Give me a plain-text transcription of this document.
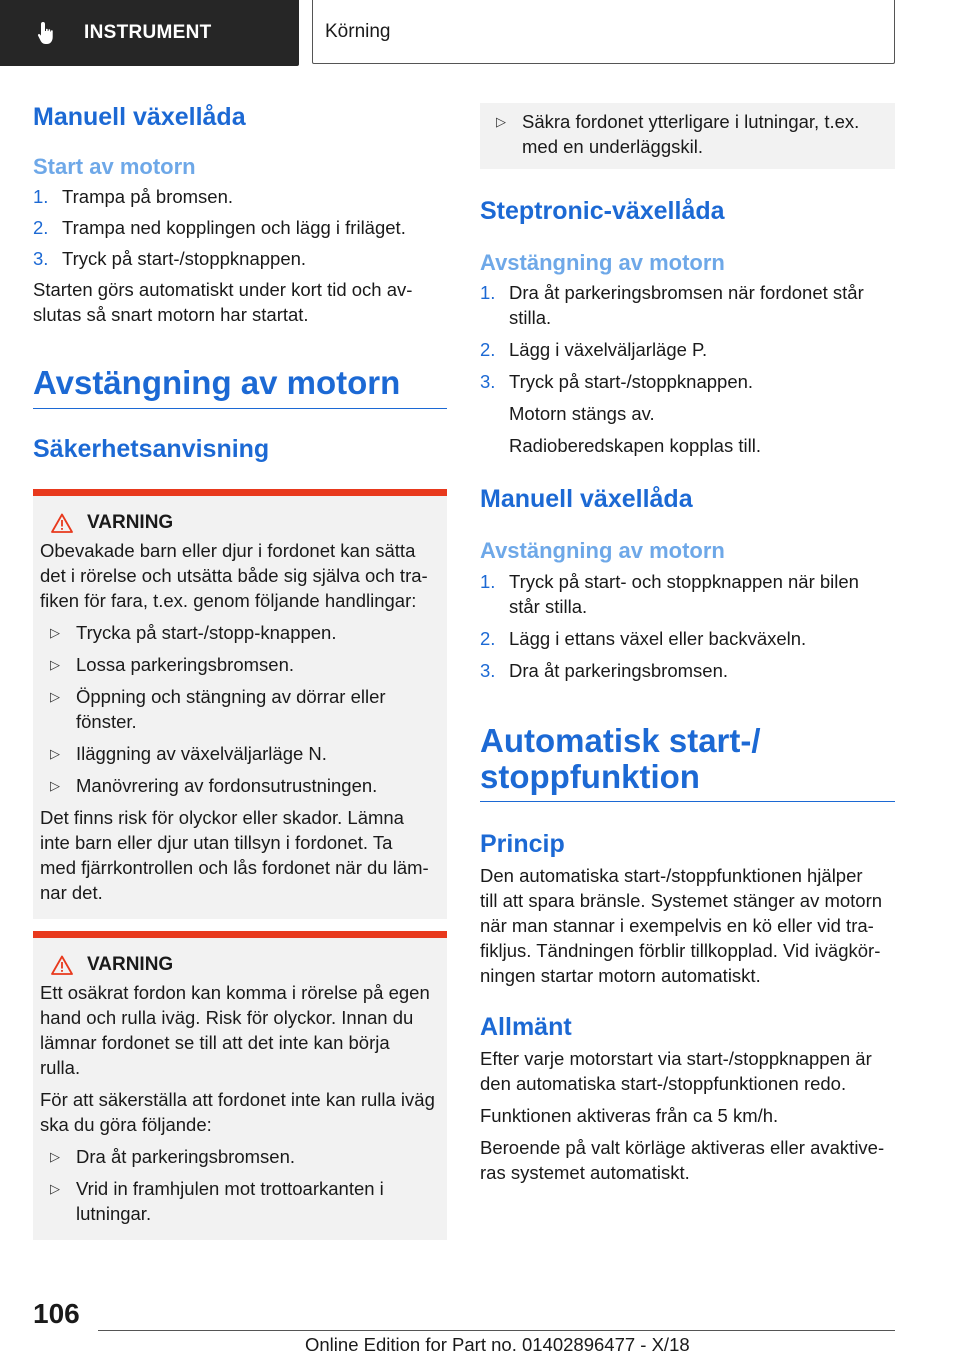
INSTRUMENT	Körning
Manuell växellåda
Start av motorn
1. Trampa på bromsen.
2. Trampa ned kopplingen och lägg i friläget.
3. Tryck på start-/stoppknappen.

Starten görs automatiskt under kort tid och av-
slutas så snart motorn har startat.

Avstängning av motorn
Säkerhetsanvisning
VARNING

Obevakade barn eller djur i fordonet kan sätta
det i rörelse och utsätta både sig själva och tra-
fiken för fara, t.ex. genom följande handlingar:

▷ Trycka på start-/stopp-knappen.
▷ Lossa parkeringsbromsen.
▷ Öppning och stängning av dörrar eller fönster.
▷ Iläggning av växelväljarläge N.
▷ Manövrering av fordonsutrustningen.

Det finns risk för olyckor eller skador. Lämna
inte barn eller djur utan tillsyn i fordonet. Ta
med fjärrkontrollen och lås fordonet när du läm-
nar det.

VARNING

Ett osäkrat fordon kan komma i rörelse på egen
hand och rulla iväg. Risk för olyckor. Innan du
lämnar fordonet se till att det inte kan börja
rulla.

För att säkerställa att fordonet inte kan rulla iväg
ska du göra följande:

▷ Dra åt parkeringsbromsen.
▷ Vrid in framhjulen mot trottoarkanten i lutningar.
▷ Säkra fordonet ytterligare i lutningar, t.ex. med en underläggskil.
Steptronic-växellåda
Avstängning av motorn
1. Dra åt parkeringsbromsen när fordonet står stilla.
2. Lägg i växelväljarläge P.
3. Tryck på start-/stoppknappen.

Motorn stängs av.

Radioberedskapen kopplas till.

Manuell växellåda
Avstängning av motorn
1. Tryck på start- och stoppknappen när bilen står stilla.
2. Lägg i ettans växel eller backväxeln.
3. Dra åt parkeringsbromsen.
Automatisk start-/
stoppfunktion
Princip

Den automatiska start-/stoppfunktionen hjälper
till att spara bränsle. Systemet stänger av motorn
när man stannar i exempelvis en kö eller vid tra-
fikljus. Tändningen förblir tillkopplad. Vid ivägkör-
ningen startar motorn automatiskt.

Allmänt

Efter varje motorstart via start-/stoppknappen är
den automatiska start-/stoppfunktionen redo.

Funktionen aktiveras från ca 5 km/h.

Beroende på valt körläge aktiveras eller avaktive-
ras systemet automatiskt.

106
Online Edition for Part no. 01402896477 - X/18
